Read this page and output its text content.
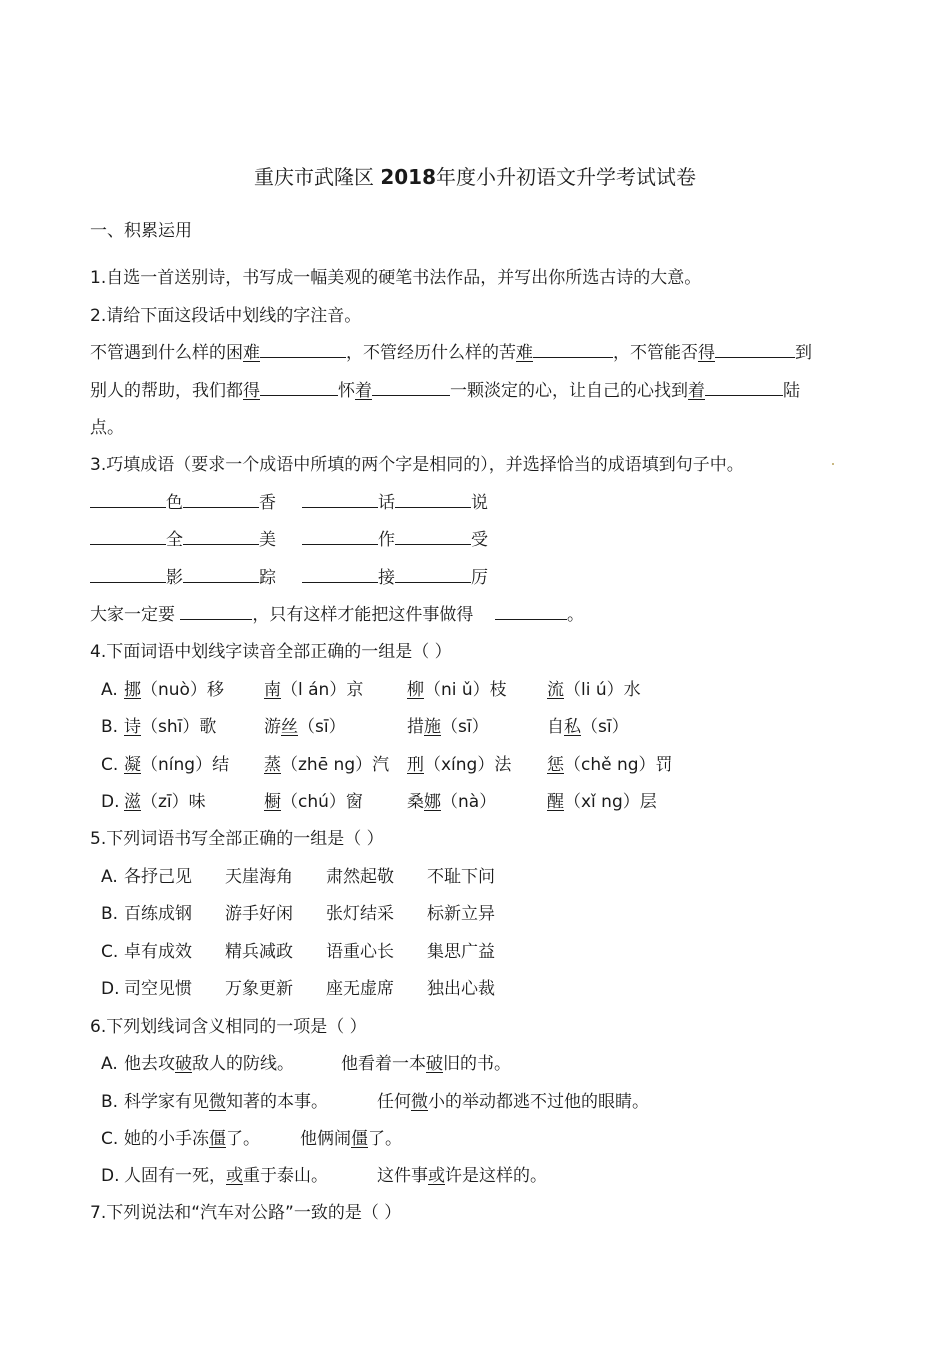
重庆市武隆区 2018年度小升初语文升学考试试卷
一、积累运用
1.自选一首送别诗，书写成一幅美观的硬笔书法作品，并写出你所选古诗的大意。
2.请给下面这段话中划线的字注音。
不管遇到什么样的困难	，不管经历什么样的苦难	，不管能否得	到
别人的帮助，我们都得	怀着	一颗淡定的心，让自己的心找到着	陆
点。
3.巧填成语（要求一个成语中所填的两个字是相同的），并选择恰当的成语填到句子中。
色	香	话	说
全	美	作	受
影	踪	接	厉
大家一定要	，只有这样才能把这件事做得	。
4.下面词语中划线字读音全部正确的一组是（ ）
A. 挪（nuò）移 南（l án）京	柳（ni ǔ）枝 流（li ú）水
B. 诗（shī）歌	游丝（sī）	措施（sī）	自私（sī）
C. 凝（níng）结 蒸（zhē ng）汽 刑（xíng）法 惩（chě ng）罚
D. 滋（zī）味	橱（chú）窗	桑娜（nà）	醒（xǐ ng）层
5.下列词语书写全部正确的一组是（ ）
A. 各抒己见 天崖海角 肃然起敬 不耻下问
B. 百练成钢 游手好闲 张灯结采 标新立异
C. 卓有成效 精兵减政 语重心长 集思广益
D. 司空见惯 万象更新 座无虚席 独出心裁
6.下列划线词含义相同的一项是（ ）
A. 他去攻破敌人的防线。	他看着一本破旧的书。
B. 科学家有见微知著的本事。	任何微小的举动都逃不过他的眼睛。
C. 她的小手冻僵了。 他俩闹僵了。
D. 人固有一死，或重于泰山。	这件事或许是这样的。
7.下列说法和“汽车对公路”一致的是（ ）
